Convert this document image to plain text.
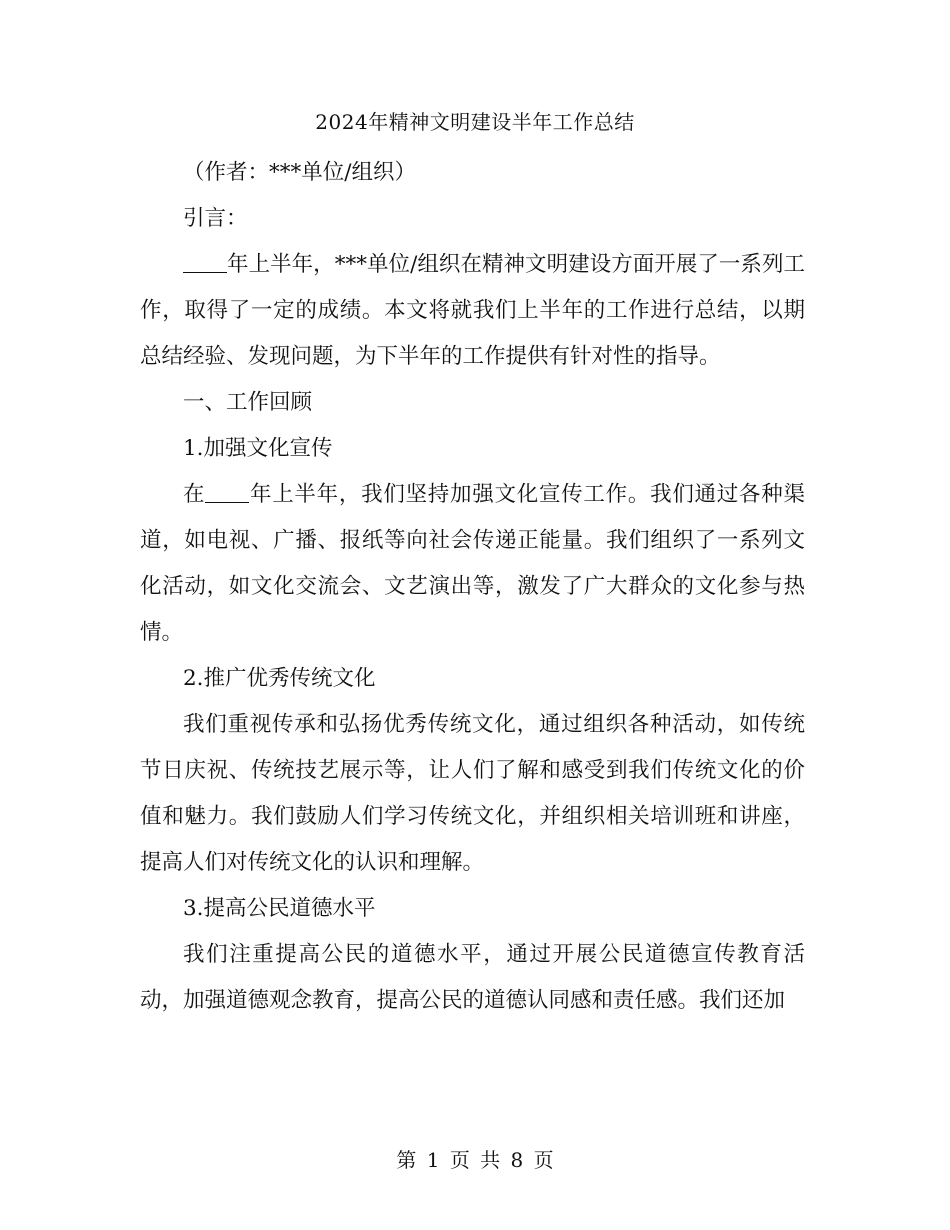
2024年精神文明建设半年工作总结

（作者：***单位/组织）

引言：

年上半年，***单位/组织在精神文明建设方面开展了一系列工作，取得了一定的成绩。本文将就我们上半年的工作进行总结，以期总结经验、发现问题，为下半年的工作提供有针对性的指导。

一、工作回顾

1.加强文化宣传

在 年上半年，我们坚持加强文化宣传工作。我们通过各种渠道，如电视、广播、报纸等向社会传递正能量。我们组织了一系列文化活动，如文化交流会、文艺演出等，激发了广大群众的文化参与热情。

2.推广优秀传统文化

我们重视传承和弘扬优秀传统文化，通过组织各种活动，如传统节日庆祝、传统技艺展示等，让人们了解和感受到我们传统文化的价值和魅力。我们鼓励人们学习传统文化，并组织相关培训班和讲座，提高人们对传统文化的认识和理解。

3.提高公民道德水平

我们注重提高公民的道德水平，通过开展公民道德宣传教育活动，加强道德观念教育，提高公民的道德认同感和责任感。我们还加

第 1 页 共 8 页
